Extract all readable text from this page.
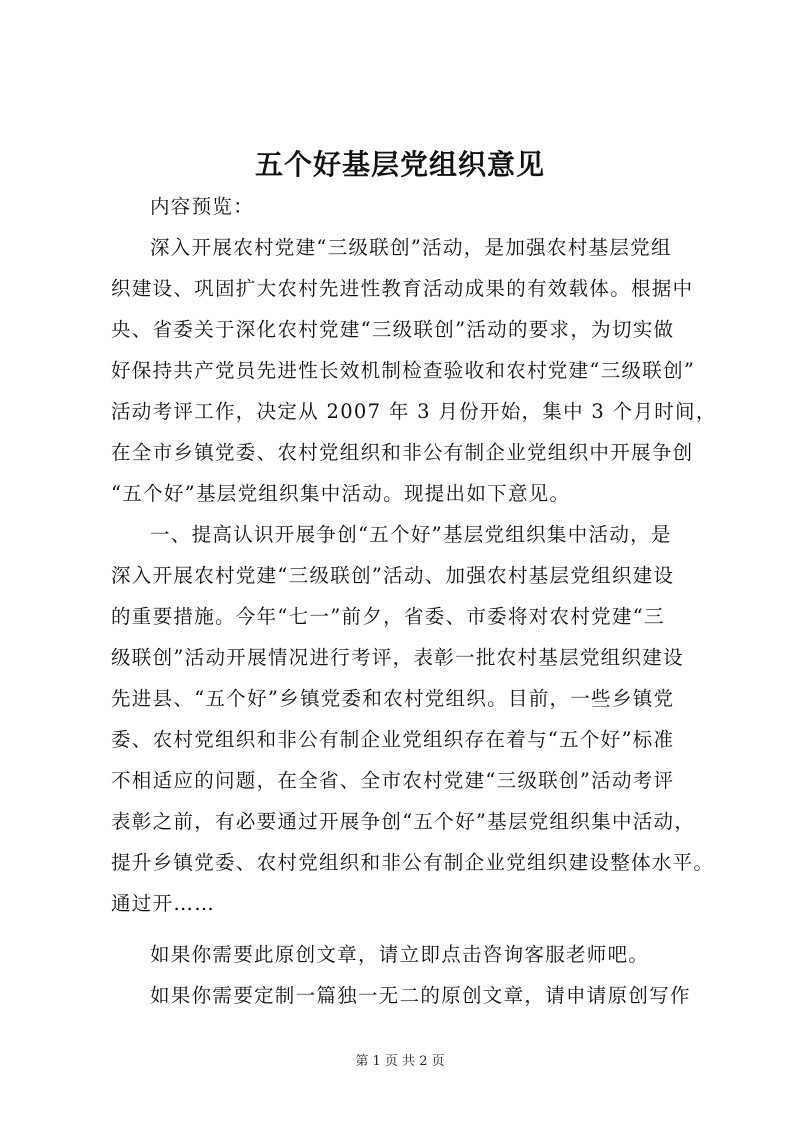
五个好基层党组织意见
内容预览：
深入开展农村党建“三级联创”活动，是加强农村基层党组
织建设、巩固扩大农村先进性教育活动成果的有效载体。根据中
央、省委关于深化农村党建“三级联创”活动的要求，为切实做
好保持共产党员先进性长效机制检查验收和农村党建“三级联创”
活动考评工作，决定从 2007 年 3 月份开始，集中 3 个月时间，
在全市乡镇党委、农村党组织和非公有制企业党组织中开展争创
“五个好”基层党组织集中活动。现提出如下意见。
一、提高认识开展争创“五个好”基层党组织集中活动，是
深入开展农村党建“三级联创”活动、加强农村基层党组织建设
的重要措施。今年“七一”前夕，省委、市委将对农村党建“三
级联创”活动开展情况进行考评，表彰一批农村基层党组织建设
先进县、“五个好”乡镇党委和农村党组织。目前，一些乡镇党
委、农村党组织和非公有制企业党组织存在着与“五个好”标准
不相适应的问题，在全省、全市农村党建“三级联创”活动考评
表彰之前，有必要通过开展争创“五个好”基层党组织集中活动，
提升乡镇党委、农村党组织和非公有制企业党组织建设整体水平。
通过开……
如果你需要此原创文章，请立即点击咨询客服老师吧。
如果你需要定制一篇独一无二的原创文章，请申请原创写作
第 1 页 共 2 页
